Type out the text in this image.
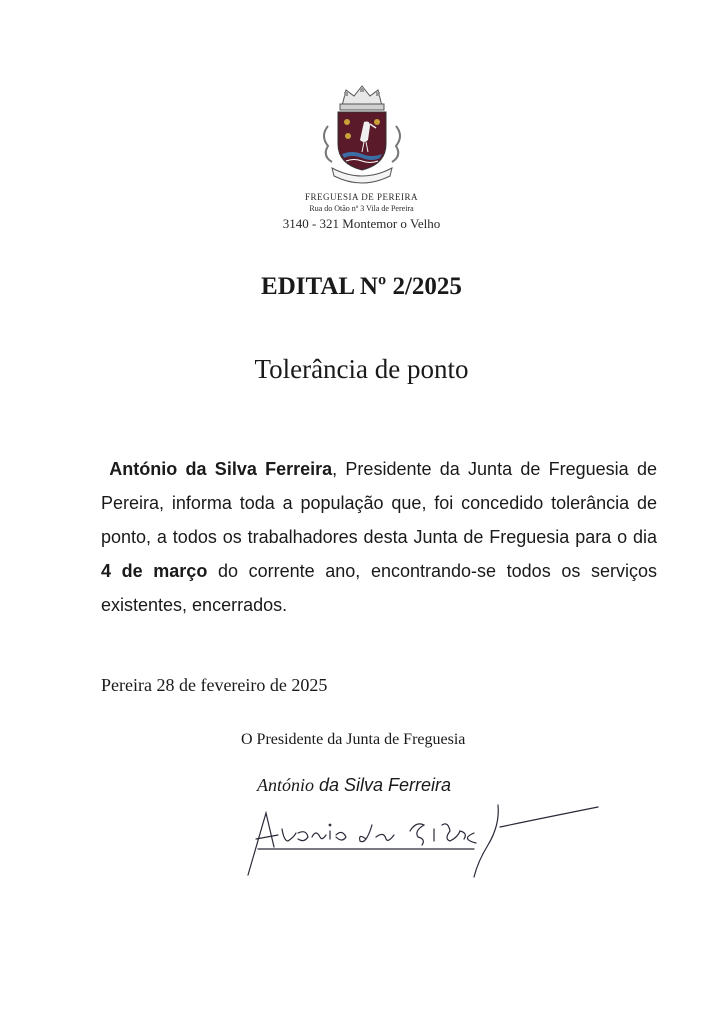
FREGUESIA DE PEREIRA
Rua do Otão nº 3 Vila de Pereira
3140 - 321 Montemor o Velho
EDITAL Nº 2/2025
Tolerância de ponto
António da Silva Ferreira, Presidente da Junta de Freguesia de Pereira, informa toda a população que, foi concedido tolerância de ponto, a todos os trabalhadores desta Junta de Freguesia para o dia 4 de março do corrente ano, encontrando-se todos os serviços existentes, encerrados.
Pereira 28 de fevereiro de 2025
O Presidente da Junta de Freguesia
António da Silva Ferreira
